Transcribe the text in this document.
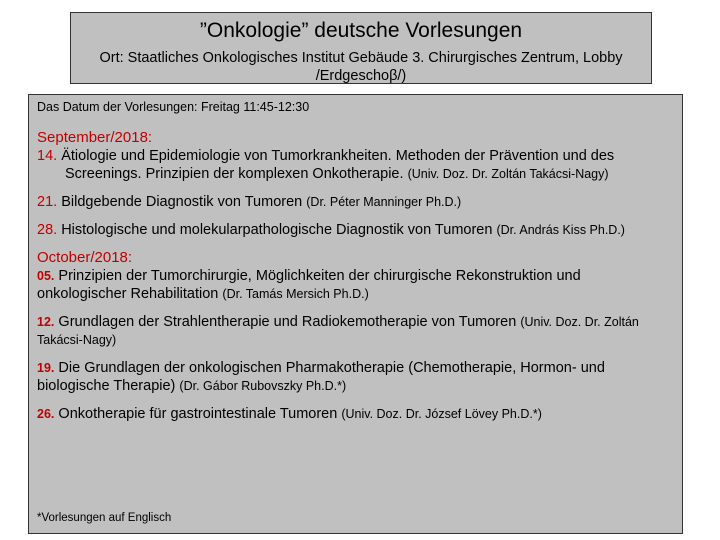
”Onkologie” deutsche Vorlesungen
Ort: Staatliches Onkologisches Institut Gebäude 3. Chirurgisches Zentrum, Lobby /Erdgeschoβ/)
Das Datum der Vorlesungen: Freitag 11:45-12:30
September/2018:
14. Ätiologie und Epidemiologie von Tumorkrankheiten. Methoden der Prävention und des Screenings. Prinzipien der komplexen Onkotherapie. (Univ. Doz. Dr. Zoltán Takácsi-Nagy)
21. Bildgebende Diagnostik von Tumoren (Dr. Péter Manninger Ph.D.)
28. Histologische und molekularpathologische Diagnostik von Tumoren (Dr. András Kiss Ph.D.)
October/2018:
05. Prinzipien der Tumorchirurgie, Möglichkeiten der chirurgische Rekonstruktion und onkologischer Rehabilitation (Dr. Tamás Mersich Ph.D.)
12. Grundlagen der Strahlentherapie und Radiokemotherapie von Tumoren (Univ. Doz. Dr. Zoltán Takácsi-Nagy)
19. Die Grundlagen der onkologischen Pharmakotherapie (Chemotherapie, Hormon- und biologische Therapie) (Dr. Gábor Rubovszky Ph.D.*)
26. Onkotherapie für gastrointestinale Tumoren (Univ. Doz. Dr. József Lövey Ph.D.*)
*Vorlesungen auf Englisch
